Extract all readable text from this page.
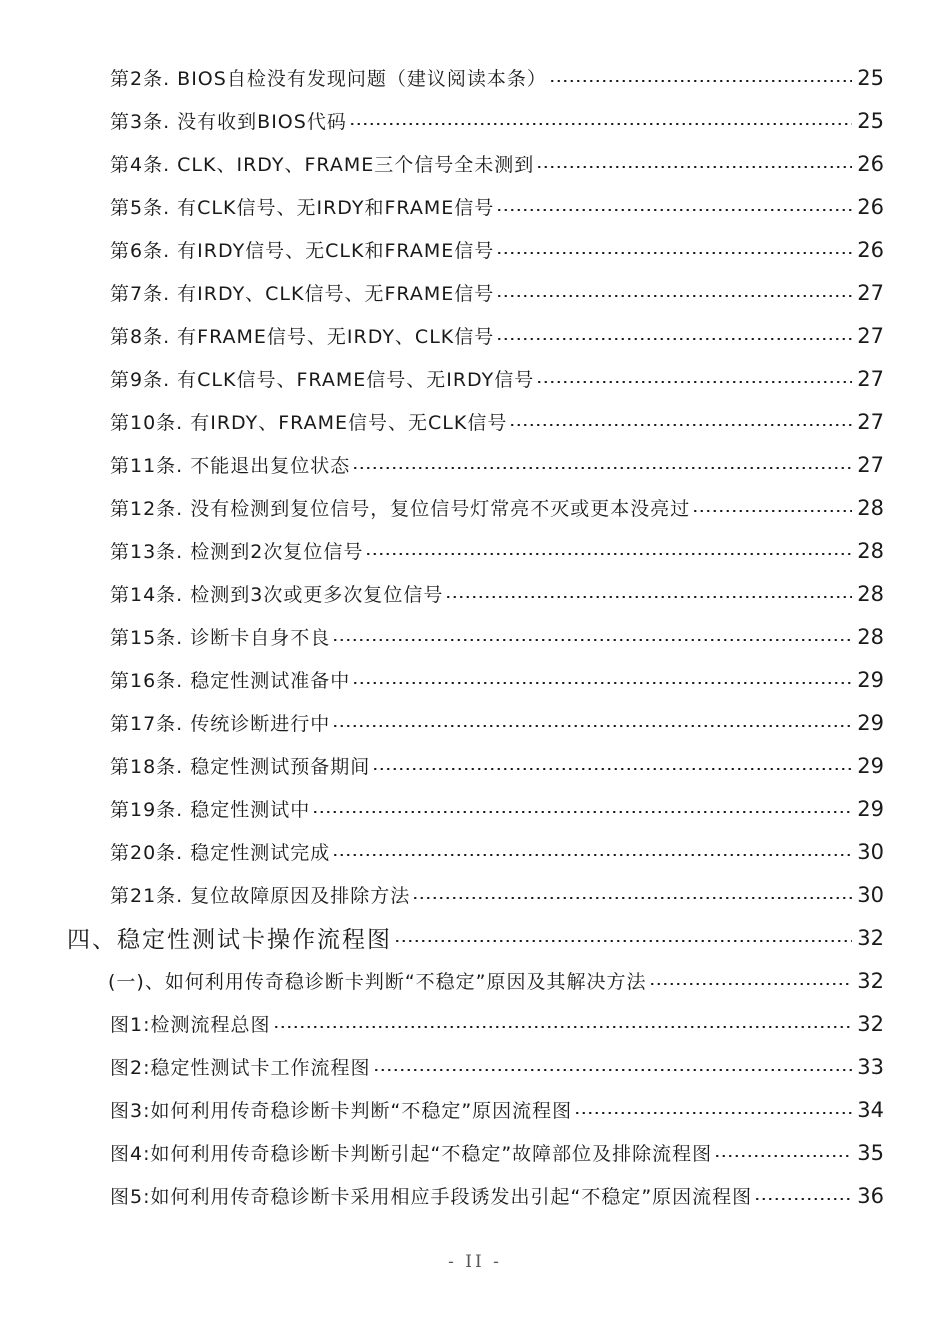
第2条. BIOS自检没有发现问题（建议阅读本条）	25
第3条. 没有收到BIOS代码	25
第4条. CLK、IRDY、FRAME三个信号全未测到	26
第5条. 有CLK信号、无IRDY和FRAME信号	26
第6条. 有IRDY信号、无CLK和FRAME信号	26
第7条. 有IRDY、CLK信号、无FRAME信号	27
第8条. 有FRAME信号、无IRDY、CLK信号	27
第9条. 有CLK信号、FRAME信号、无IRDY信号	27
第10条. 有IRDY、FRAME信号、无CLK信号	27
第11条. 不能退出复位状态	27
第12条. 没有检测到复位信号，复位信号灯常亮不灭或更本没亮过	28
第13条. 检测到2次复位信号	28
第14条. 检测到3次或更多次复位信号	28
第15条. 诊断卡自身不良	28
第16条. 稳定性测试准备中	29
第17条. 传统诊断进行中	29
第18条. 稳定性测试预备期间	29
第19条. 稳定性测试中	29
第20条. 稳定性测试完成	30
第21条. 复位故障原因及排除方法	30
四、稳定性测试卡操作流程图	32
(一)、如何利用传奇稳诊断卡判断“不稳定”原因及其解决方法	32
图1:检测流程总图	32
图2:稳定性测试卡工作流程图	33
图3:如何利用传奇稳诊断卡判断“不稳定”原因流程图	34
图4:如何利用传奇稳诊断卡判断引起“不稳定”故障部位及排除流程图	35
图5:如何利用传奇稳诊断卡采用相应手段诱发出引起“不稳定”原因流程图	36
- II -
